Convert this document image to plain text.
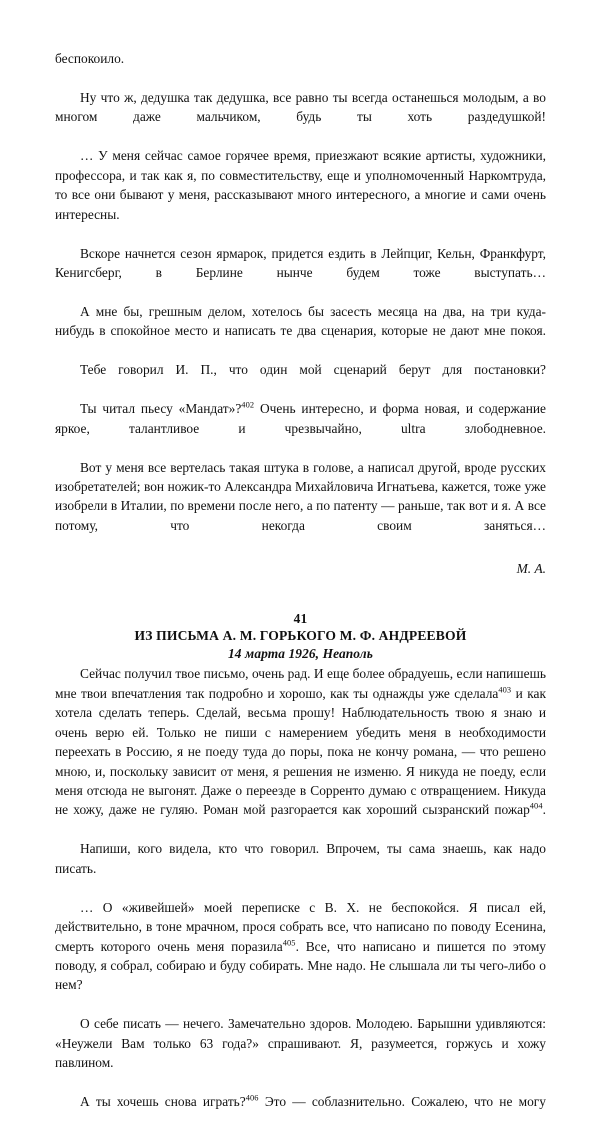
беспокоило.

Ну что ж, дедушка так дедушка, все равно ты всегда останешься молодым, а во многом даже мальчиком, будь ты хоть раздедушкой!

… У меня сейчас самое горячее время, приезжают всякие артисты, художники, профессора, и так как я, по совместительству, еще и уполномоченный Наркомтруда, то все они бывают у меня, рассказывают много интересного, а многие и сами очень интересны.

Вскоре начнется сезон ярмарок, придется ездить в Лейпциг, Кельн, Франкфурт, Кенигсберг, в Берлине нынче будем тоже выступать…

А мне бы, грешным делом, хотелось бы засесть месяца на два, на три куда-нибудь в спокойное место и написать те два сценария, которые не дают мне покоя.

Тебе говорил И. П., что один мой сценарий берут для постановки?

Ты читал пьесу «Мандат»?$^{402}$ Очень интересно, и форма новая, и содержание яркое, талантливое и чрезвычайно, ultra злободневное.

Вот у меня все вертелась такая штука в голове, а написал другой, вроде русских изобретателей; вон ножик-то Александра Михайловича Игнатьева, кажется, тоже уже изобрели в Италии, по времени после него, а по патенту — раньше, так вот и я. А все потому, что некогда своим заняться…

М. А.

41
ИЗ ПИСЬМА А. М. ГОРЬКОГО М. Ф. АНДРЕЕВОЙ
14 марта 1926, Неаполь

Сейчас получил твое письмо, очень рад. И еще более обрадуешь, если напишешь мне твои впечатления так подробно и хорошо, как ты однажды уже сделала$^{403}$ и как хотела сделать теперь. Сделай, весьма прошу! Наблюдательность твою я знаю и очень верю ей. Только не пиши с намерением убедить меня в необходимости переехать в Россию, я не поеду туда до поры, пока не кончу романа, — что решено мною, и, поскольку зависит от меня, я решения не изменю. Я никуда не поеду, если меня отсюда не выгонят. Даже о переезде в Сорренто думаю с отвращением. Никуда не хожу, даже не гуляю. Роман мой разгорается как хороший сызранский пожар$^{404}$.

Напиши, кого видела, кто что говорил. Впрочем, ты сама знаешь, как надо писать.

… О «живейшей» моей переписке с В. Х. не беспокойся. Я писал ей, действительно, в тоне мрачном, прося собрать все, что написано по поводу Есенина, смерть которого очень меня поразила$^{405}$. Все, что написано и пишется по этому поводу, я собрал, собираю и буду собирать. Мне надо. Не слышала ли ты чего-либо о нем?

О себе писать — нечего. Замечательно здоров. Молодею. Барышни удивляются: «Неужели Вам только 63 года?» спрашивают. Я, разумеется, горжусь и хожу павлином.

А ты хочешь снова играть?$^{406}$ Это — соблазнительно. Сожалею, что не могу
